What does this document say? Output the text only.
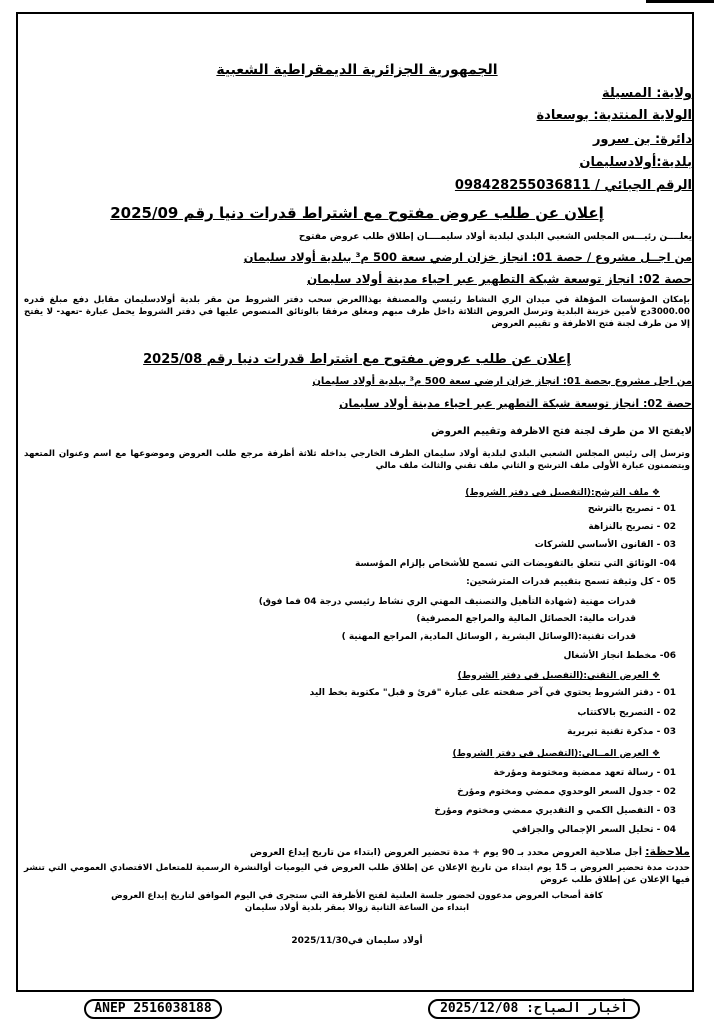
الجمهورية الجزائرية الديمقراطية الشعبية
ولاية: المسيلة
الولاية المنتدبة: بوسعادة
دائرة: بن سرور
بلدية:أولادسليمان
الرقم الجبائي / 098428255036811
إعلان عن طلب عروض مفتوح مع اشتراط قدرات دنيا رقم 2025/09
يعلــــن رئيـــس المجلس الشعبي البلدي لبلدية أولاد سليمــــان إطلاق طلب عروض مفتوح
من اجــل مشروع / حصة 01: انجاز خزان ارضي سعة 500 م³ ببلدية أولاد سليمان
حصة 02: انجاز توسعة شبكة التطهير عبر احياء مدينة أولاد سليمان
بإمكان المؤسسات المؤهلة في ميدان الري النشاط رئيسي والمصنفة بهذاالعرض سحب دفتر الشروط من مقر بلدية أولادسليمان مقابل دفع مبلغ قدره 3000.00دج لأمين خزينة البلدية وترسل العروض الثلاثة داخل ظرف مبهم ومغلق مرفقا بالوثائق المنصوص عليها في دفتر الشروط يحمل عبارة -تعهد- لا يفتح إلا من طرف لجنة فتح الاظرفة و تقييم العروض
إعلان عن طلب عروض مفتوح مع اشتراط قدرات دنيا رقم 2025/08
من اجل مشروع بحصة 01: انجاز خزان ارضي سعة 500 م³ ببلدية أولاد سليمان
حصة 02: انجاز توسعة شبكة التطهير عبر احياء مدينة أولاد سليمان
لايفتح الا من طرف لجنة فتح الاظرفة وتقييم العروض
وترسل إلى رئيس المجلس الشعبي البلدي لبلدية أولاد سليمان الظرف الخارجي بداخله ثلاثة أظرفة مرجع طلب العروض وموضوعها مع اسم وعنوان المتعهد ويتضمنون عبارة الأولى ملف الترشح و الثاني ملف تقني والثالث ملف مالي
❖ ملف الترشح:(التفصيل في دفتر الشروط)
01 - تصريح بالترشح
02 - تصريح بالنزاهة
03 - القانون الأساسي للشركات
04- الوثائق التي تتعلق بالتفويضات التي تسمح للأشخاص بإلزام المؤسسة
05 - كل وثيقة تسمح بتقييم قدرات المترشحين:
قدرات مهنية (شهادة التأهيل والتصنيف المهني الري نشاط رئيسي درجة 04 فما فوق)
قدرات مالية: الحصائل المالية والمراجع المصرفية)
قدرات تقنية:(الوسائل البشرية , الوسائل المادية, المراجع المهنية )
06- مخطط انجاز الأشغال
❖ العرض التقني:(التفصيل في دفتر الشروط)
01 - دفتر الشروط يحتوي في آخر صفحته على عبارة "قرئ و قبل" مكتوبة بخط اليد
02 - التصريح بالاكتتاب
03 - مذكرة تقنية تبريرية
❖ العرض المــالي:(التفصيل في دفتر الشروط)
01 - رسالة تعهد ممضية ومختومة ومؤرخة
02 - جدول السعر الوحدوي ممضي ومختوم ومؤرخ
03 - التفصيل الكمي و التقديري ممضي ومختوم ومؤرخ
04 - تحليل السعر الإجمالي والجزافي
ملاحظة: أجل صلاحية العروض محدد بـ 90 يوم + مدة تحضير العروض (ابتداء من تاريخ إيداع العروض
حددت مدة تحضير العروض بـ 15 يوم ابتداء من تاريخ الإعلان عن إطلاق طلب العروض في اليوميات أوالنشرة الرسمية للمتعامل الاقتصادي العمومي التي تنشر فيها الإعلان عن إطلاق طلب عروض
كافة أصحاب العروض مدعوون لحضور جلسة العلنية لفتح الأظرفة التي ستجرى في اليوم الموافق لتاريخ إيداع العروض ابتداء من الساعة الثانية زوالا بمقر بلدية أولاد سليمان
أولاد سليمان في2025/11/30
ANEP 2516038188	أخبار الصباح: 2025/12/08
